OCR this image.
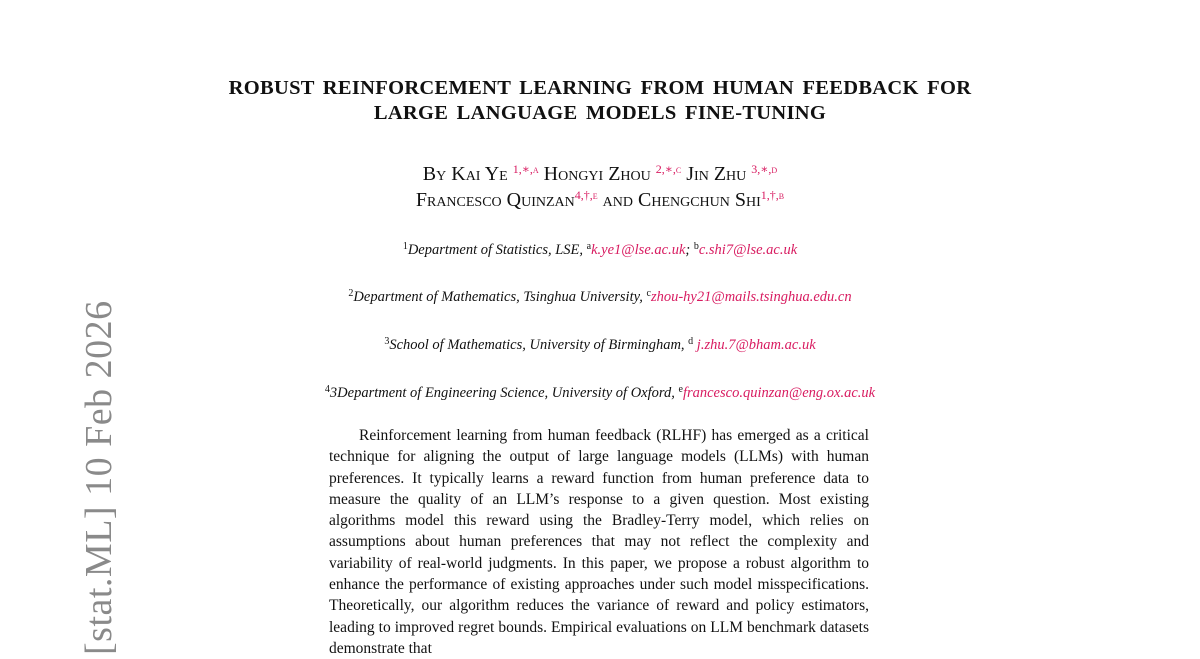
ROBUST REINFORCEMENT LEARNING FROM HUMAN FEEDBACK FOR
LARGE LANGUAGE MODELS FINE-TUNING
By Kai Ye $^{1,∗,a}$ Hongyi Zhou $^{2,∗,c}$ Jin Zhu $^{3,∗,d}$
Francesco Quinzan$^{4,\dagger,e}$ and Chengchun Shi$^{1,\dagger,b}$
$^1$Department of Statistics, LSE, $^a$k.ye1@lse.ac.uk; $^b$c.shi7@lse.ac.uk
$^2$Department of Mathematics, Tsinghua University, $^c$zhou-hy21@mails.tsinghua.edu.cn
$^3$School of Mathematics, University of Birmingham, $^d$ j.zhu.7@bham.ac.uk
$^4$3Department of Engineering Science, University of Oxford, $^e$francesco.quinzan@eng.ox.ac.uk

Reinforcement learning from human feedback (RLHF) has emerged as a critical technique for aligning the output of large language models (LLMs) with human preferences. It typically learns a reward function from human preference data to measure the quality of an LLM’s response to a given question. Most existing algorithms model this reward using the Bradley-Terry model, which relies on assumptions about human preferences that may not reflect the complexity and variability of real-world judgments. In this paper, we propose a robust algorithm to enhance the performance of existing approaches under such model misspecifications. Theoretically, our algorithm reduces the variance of reward and policy estimators, leading to improved regret bounds. Empirical evaluations on LLM benchmark datasets demonstrate that

[stat.ML] 10 Feb 2026
